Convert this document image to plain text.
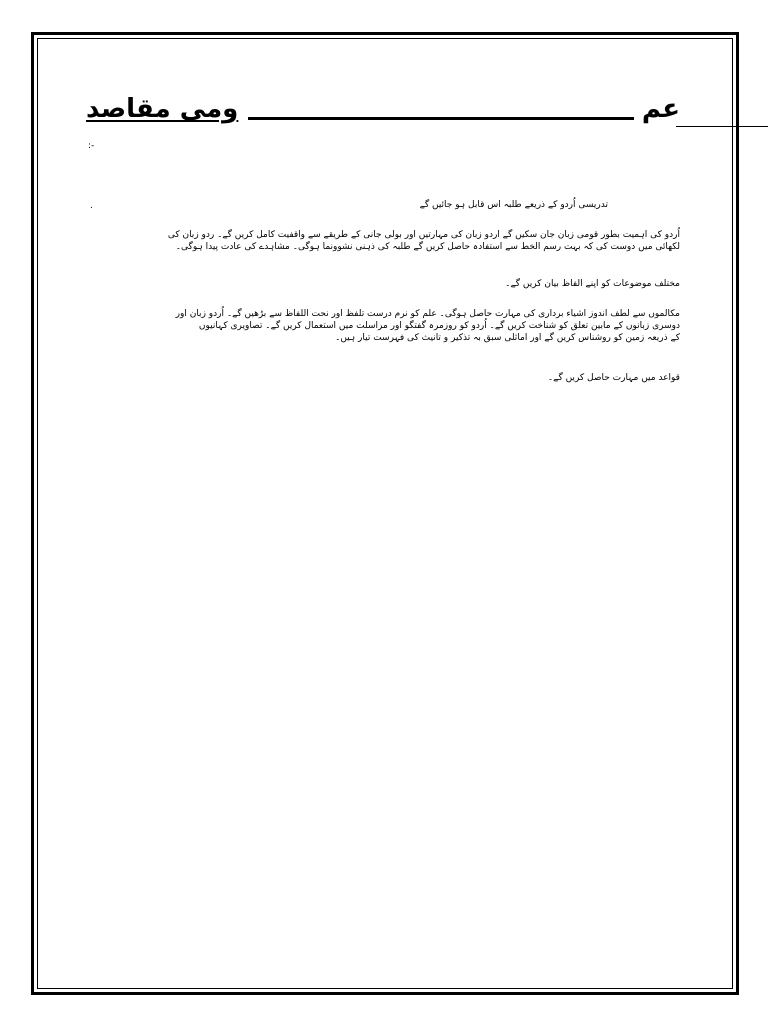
ومی مقاصد	عم
:-
.	تدریسی اُردو کے ذریعے طلبہ اس قابل ہو جائیں گے
اُردو کی اہمیت بطور قومی زبان جان سکیں گے اردو زبان کی مہارتیں اور بولی جانی کے طریقے سے واقفیت کامل کریں گے۔ ردو زبان کی
لکھائی میں دوست کی کہ بہت رسم الخط سے استفادہ حاصل کریں گے طلبہ کی ذہنی نشوونما ہوگی۔ مشاہدے کی عادت پیدا ہوگی۔
مختلف موضوعات کو اپنے الفاظ بیان کریں گے۔
مکالموں سے لطف اندوز اشیاء برداری کی مہارت حاصل ہوگی۔ علم کو نرم درست تلفظ اور نحت اللفاظ سے بڑھیں گے۔ اُردو زبان اور
دوسری زبانوں کے مابین تعلق کو شناخت کریں گے۔ اُردو کو روزمرہ گفتگو اور مراسلت میں استعمال کریں گے۔ تصاویری کہانیوں
کے ذریعہ زمین کو روشناس کریں گے اور اماثلی سبق بہ تذکیر و تانیث کی فہرست تیار ہیں۔
قواعد میں مہارت حاصل کریں گے۔
